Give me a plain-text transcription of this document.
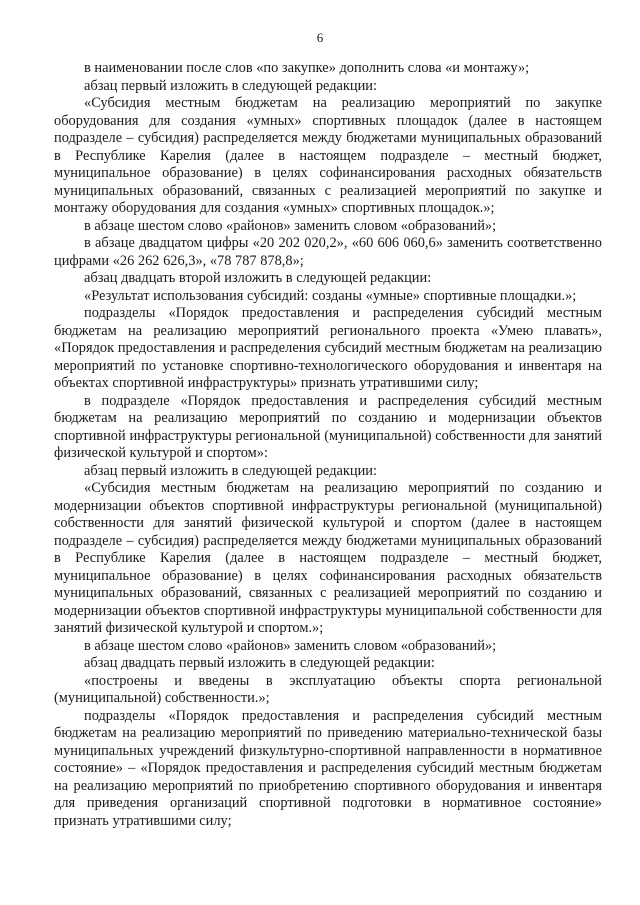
6

в наименовании после слов «по закупке» дополнить слова «и монтажу»;

абзац первый изложить в следующей редакции:

«Субсидия местным бюджетам на реализацию мероприятий по закупке оборудования для создания «умных» спортивных площадок (далее в настоящем подразделе – субсидия) распределяется между бюджетами муниципальных образований в Республике Карелия (далее в настоящем подразделе – местный бюджет, муниципальное образование) в целях софинансирования расходных обязательств муниципальных образований, связанных с реализацией мероприятий по закупке и монтажу оборудования для создания «умных» спортивных площадок.»;

в абзаце шестом слово «районов» заменить словом «образований»;

в абзаце двадцатом цифры «20 202 020,2», «60 606 060,6» заменить соответственно цифрами «26 262 626,3», «78 787 878,8»;

абзац двадцать второй изложить в следующей редакции:

«Результат использования субсидий: созданы «умные» спортивные площадки.»;

подразделы «Порядок предоставления и распределения субсидий местным бюджетам на реализацию мероприятий регионального проекта «Умею плавать», «Порядок предоставления и распределения субсидий местным бюджетам на реализацию мероприятий по установке спортивно-технологического оборудования и инвентаря на объектах спортивной инфраструктуры» признать утратившими силу;

в подразделе «Порядок предоставления и распределения субсидий местным бюджетам на реализацию мероприятий по созданию и модернизации объектов спортивной инфраструктуры региональной (муниципальной) собственности для занятий физической культурой и спортом»:

абзац первый изложить в следующей редакции:

«Субсидия местным бюджетам на реализацию мероприятий по созданию и модернизации объектов спортивной инфраструктуры региональной (муниципальной) собственности для занятий физической культурой и спортом (далее в настоящем подразделе – субсидия) распределяется между бюджетами муниципальных образований в Республике Карелия (далее в настоящем подразделе – местный бюджет, муниципальное образование) в целях софинансирования расходных обязательств муниципальных образований, связанных с реализацией мероприятий по созданию и модернизации объектов спортивной инфраструктуры муниципальной собственности для занятий физической культурой и спортом.»;

в абзаце шестом слово «районов» заменить словом «образований»;

абзац двадцать первый изложить в следующей редакции:

«построены и введены в эксплуатацию объекты спорта региональной (муниципальной) собственности.»;

подразделы «Порядок предоставления и распределения субсидий местным бюджетам на реализацию мероприятий по приведению материально-технической базы муниципальных учреждений физкультурно-спортивной направленности в нормативное состояние» – «Порядок предоставления и распределения субсидий местным бюджетам на реализацию мероприятий по приобретению спортивного оборудования и инвентаря для приведения организаций спортивной подготовки в нормативное состояние» признать утратившими силу;
